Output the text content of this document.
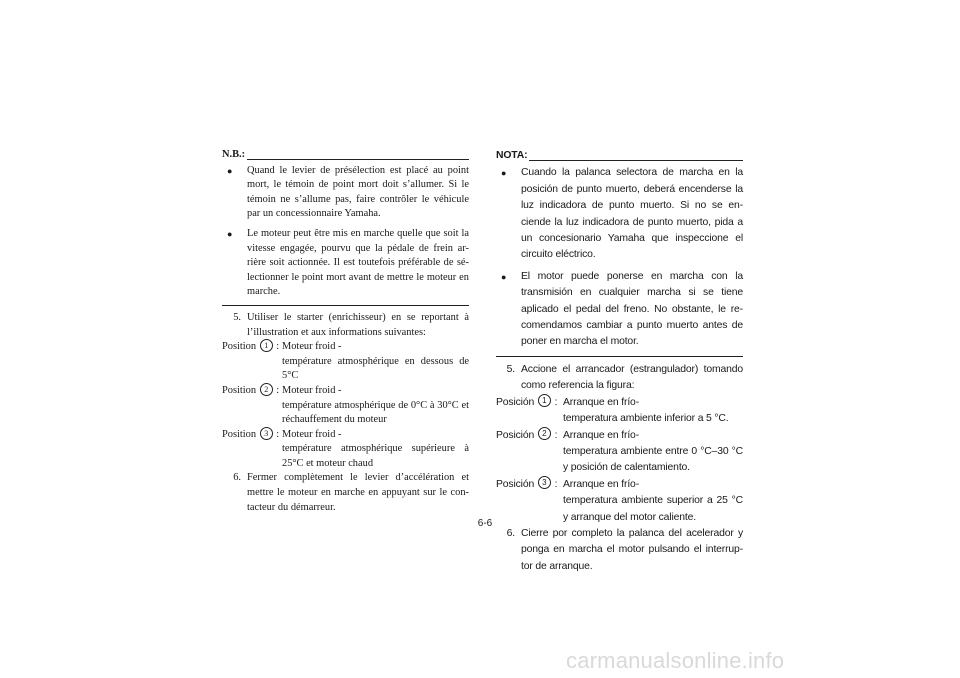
N.B.:
●	Quand le levier de présélection est placé au point mort, le témoin de point mort doit s’allumer. Si le témoin ne s’allume pas, faire contrôler le véhicule par un concessionnaire Yamaha.
●	Le moteur peut être mis en marche quelle que soit la vitesse engagée, pourvu que la pédale de frein ar-rière soit actionnée. Il est toutefois préférable de sé-lectionner le point mort avant de mettre le moteur en marche.
5. Utiliser le starter (enrichisseur) en se reportant à l’illustration et aux informations suivantes:
Position 1 : Moteur froid -
température atmosphérique en dessous de 5°C
Position 2 : Moteur froid -
température atmosphérique de 0°C à 30°C et réchauffement du moteur
Position 3 : Moteur froid -
température atmosphérique supérieure à 25°C et moteur chaud
6. Fermer complètement le levier d’accélération et mettre le moteur en marche en appuyant sur le con-tacteur du démarreur.
NOTA:
●	Cuando la palanca selectora de marcha en la posición de punto muerto, deberá encenderse la luz indicadora de punto muerto. Si no se en-ciende la luz indicadora de punto muerto, pida a un concesionario Yamaha que inspeccione el circuito eléctrico.
●	El motor puede ponerse en marcha con la transmisión en cualquier marcha si se tiene aplicado el pedal del freno. No obstante, le re-comendamos cambiar a punto muerto antes de poner en marcha el motor.
5. Accione el arrancador (estrangulador) tomando como referencia la figura:
Posición 1 : Arranque en frío-
temperatura ambiente inferior a 5 °C.
Posición 2 : Arranque en frío-
temperatura ambiente entre 0 °C–30 °C y posición de calentamiento.
Posición 3 : Arranque en frío-
temperatura ambiente superior a 25 °C y arranque del motor caliente.
6. Cierre por completo la palanca del acelerador y ponga en marcha el motor pulsando el interrup-tor de arranque.
6-6
carmanualsonline.info
